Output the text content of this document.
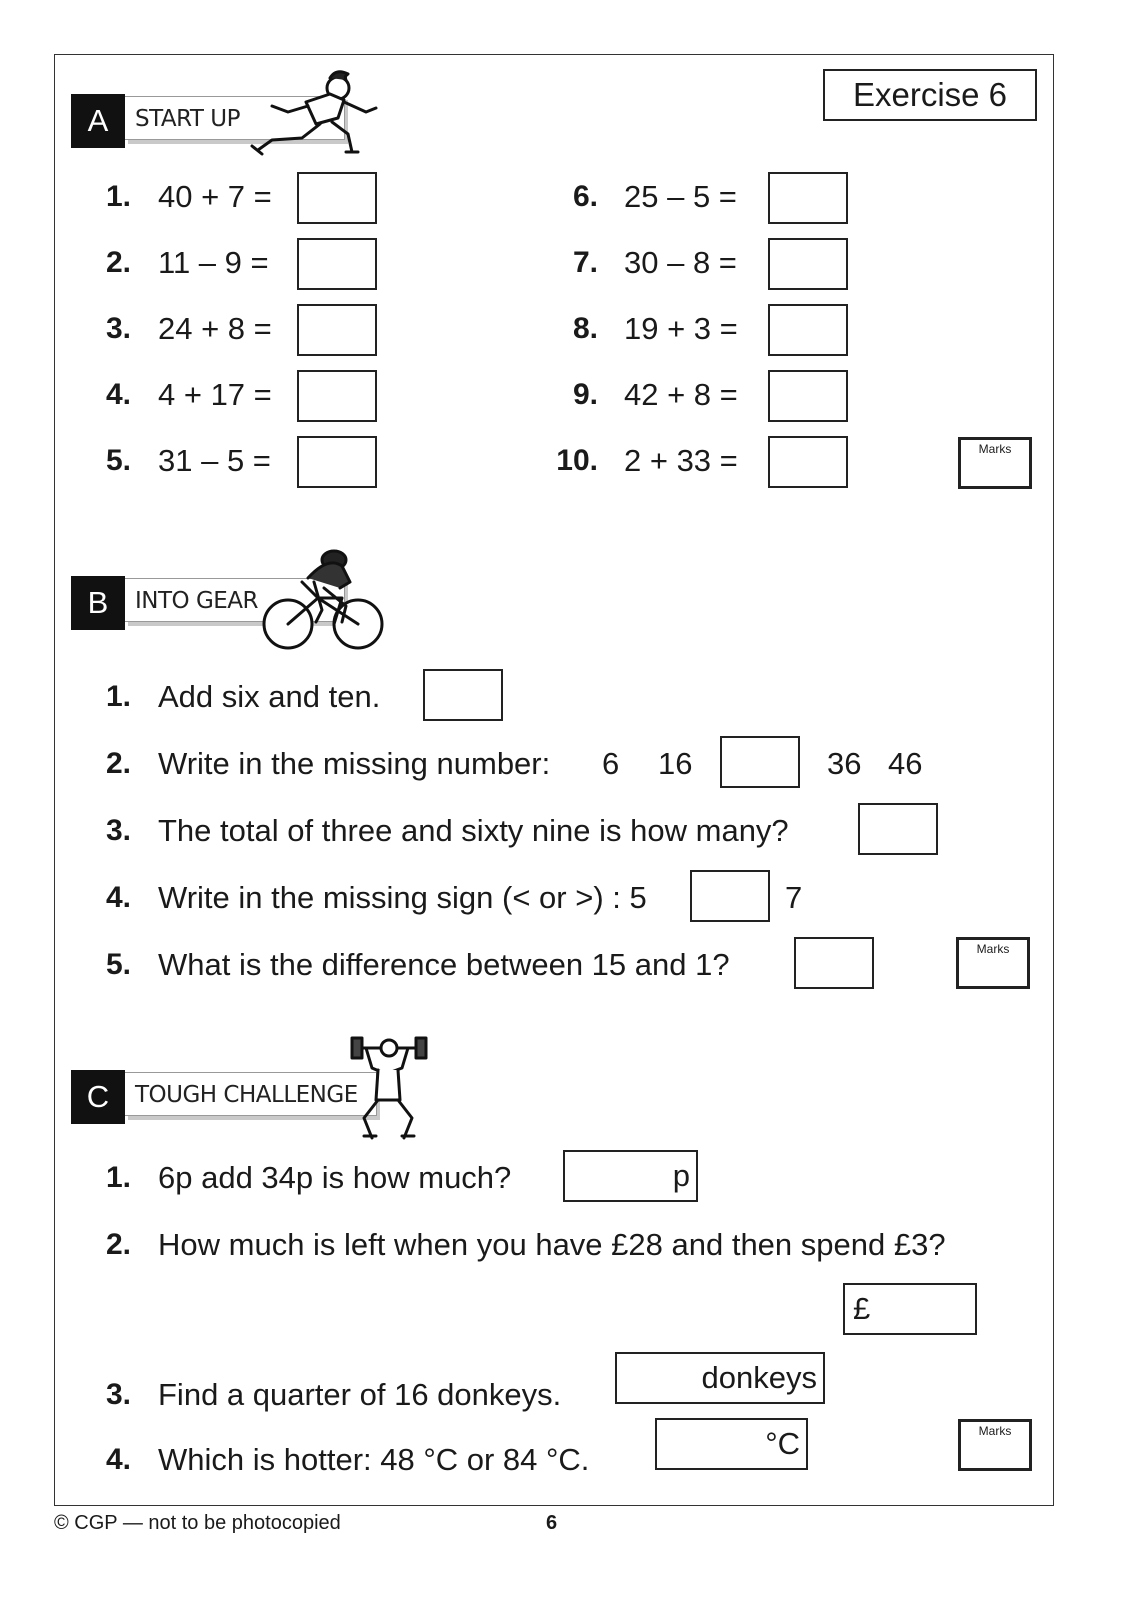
Exercise 6
A	START UP
1. 40 + 7 =
2. 11 – 9 =
3. 24 + 8 =
4. 4 + 17 =
5. 31 – 5 =
6. 25 – 5 =
7. 30 – 8 =
8. 19 + 3 =
9. 42 + 8 =
10. 2 + 33 =	Marks
B	INTO GEAR
1. Add six and ten.
2. Write in the missing number: 6 16	36 46
3. The total of three and sixty nine is how many?
4. Write in the missing sign (< or >) : 5	7
5. What is the difference between 15 and 1?	Marks
C	TOUGH CHALLENGE
1. 6p add 34p is how much?	p
2. How much is left when you have £28 and then spend £3?
£
3. Find a quarter of 16 donkeys.	donkeys
4. Which is hotter: 48 °C or 84 °C.	°C	Marks
© CGP — not to be photocopied	6
